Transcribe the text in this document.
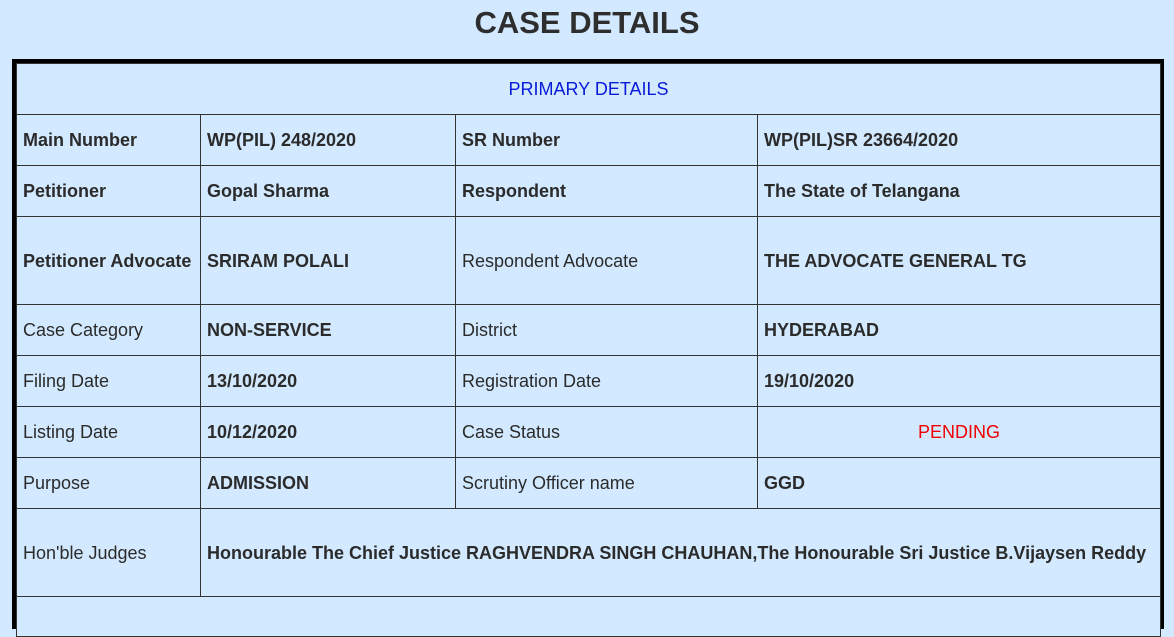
CASE DETAILS
PRIMARY DETAILS			
Main Number	WP(PIL) 248/2020	SR Number	WP(PIL)SR 23664/2020
Petitioner	Gopal Sharma	Respondent	The State of Telangana
Petitioner Advocate	SRIRAM POLALI	Respondent Advocate	THE ADVOCATE GENERAL TG
Case Category	NON-SERVICE	District	HYDERABAD
Filing Date	13/10/2020	Registration Date	19/10/2020
Listing Date	10/12/2020	Case Status	PENDING
Purpose	ADMISSION	Scrutiny Officer name	GGD
Hon'ble Judges	Honourable The Chief Justice RAGHVENDRA SINGH CHAUHAN,The Honourable Sri Justice B.Vijaysen Reddy		
